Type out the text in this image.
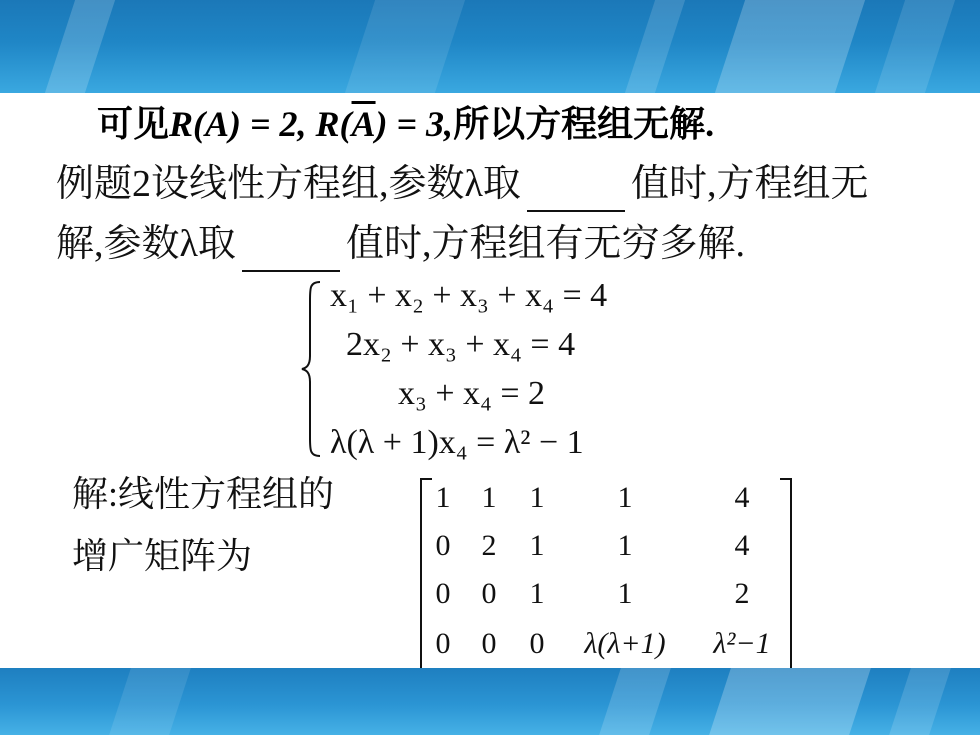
可见R(A) = 2, $R(\overline{A}) = 3$,所以方程组无解.
例题2设线性方程组,参数λ取	值时,方程组无
解,参数λ取	值时,方程组有无穷多解.
x₁ + x₂ + x₃ + x₄ = 4
2x₂ + x₃ + x₄ = 4
x₃ + x₄ = 2
λ(λ + 1)x₄ = λ² − 1
解:线性方程组的
增广矩阵为
1	1	1	1	4
0	2	1	1	4
0	0	1	1	2
0	0	0	λ(λ+1)	λ²−1
